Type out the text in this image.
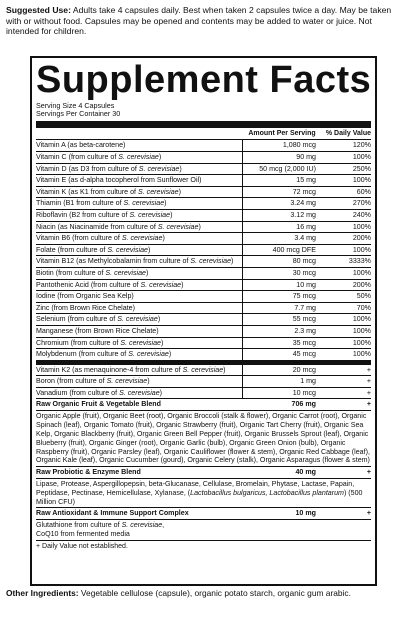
Suggested Use: Adults take 4 capsules daily. Best when taken 2 capsules twice a day. May be taken with or without food. Capsules may be opened and contents may be added to water or juice. Not intended for children.
Supplement Facts
Serving Size 4 Capsules
Servings Per Container 30
Amount Per Serving	% Daily Value
Vitamin A (as beta-carotene)	1,080 mcg	120%
Vitamin C (from culture of S. cerevisiae)	90 mg	100%
Vitamin D (as D3 from culture of S. cerevisiae)	50 mcg (2,000 IU)	250%
Vitamin E (as d-alpha tocopherol from Sunflower Oil)	15 mg	100%
Vitamin K (as K1 from culture of S. cerevisiae)	72 mcg	60%
Thiamin (B1 from culture of S. cerevisiae)	3.24 mg	270%
Riboflavin (B2 from culture of S. cerevisiae)	3.12 mg	240%
Niacin (as Niacinamide from culture of S. cerevisiae)	16 mg	100%
Vitamin B6 (from culture of S. cerevisiae)	3.4 mg	200%
Folate (from culture of S. cerevisiae)	400 mcg DFE	100%
Vitamin B12 (as Methylcobalamin from culture of S. cerevisiae)	80 mcg	3333%
Biotin (from culture of S. cerevisiae)	30 mcg	100%
Pantothenic Acid (from culture of S. cerevisiae)	10 mg	200%
Iodine (from Organic Sea Kelp)	75 mcg	50%
Zinc (from Brown Rice Chelate)	7.7 mg	70%
Selenium (from culture of S. cerevisiae)	55 mcg	100%
Manganese (from Brown Rice Chelate)	2.3 mg	100%
Chromium (from culture of S. cerevisiae)	35 mcg	100%
Molybdenum (from culture of S. cerevisiae)	45 mcg	100%
Vitamin K2 (as menaquinone-4 from culture of S. cerevisiae)	20 mcg	+
Boron (from culture of S. cerevisiae)	1 mg	+
Vanadium (from culture of S. cerevisiae)	10 mcg	+
Raw Organic Fruit & Vegetable Blend	706 mg	+
Organic Apple (fruit), Organic Beet (root), Organic Broccoli (stalk & flower), Organic Carrot (root), Organic Spinach (leaf), Organic Tomato (fruit), Organic Strawberry (fruit), Organic Tart Cherry (fruit), Organic Sea Kelp, Organic Blackberry (fruit), Organic Green Bell Pepper (fruit), Organic Brussels Sprout (leaf), Organic Blueberry (fruit), Organic Ginger (root), Organic Garlic (bulb), Organic Green Onion (bulb), Organic Raspberry (fruit), Organic Parsley (leaf), Organic Cauliflower (flower & stem), Organic Red Cabbage (leaf), Organic Kale (leaf), Organic Cucumber (gourd), Organic Celery (stalk), Organic Asparagus (flower & stem)
Raw Probiotic & Enzyme Blend	40 mg	+
Lipase, Protease, Aspergillopepsin, beta-Glucanase, Cellulase, Bromelain, Phytase, Lactase, Papain, Peptidase, Pectinase, Hemicellulase, Xylanase, (Lactobacillus bulgaricus, Lactobacillus plantarum) (500 Million CFU)
Raw Antioxidant & Immune Support Complex	10 mg	+
Glutathione from culture of S. cerevisiae,
CoQ10 from fermented media
+ Daily Value not established.
Other Ingredients: Vegetable cellulose (capsule), organic potato starch, organic gum arabic.
